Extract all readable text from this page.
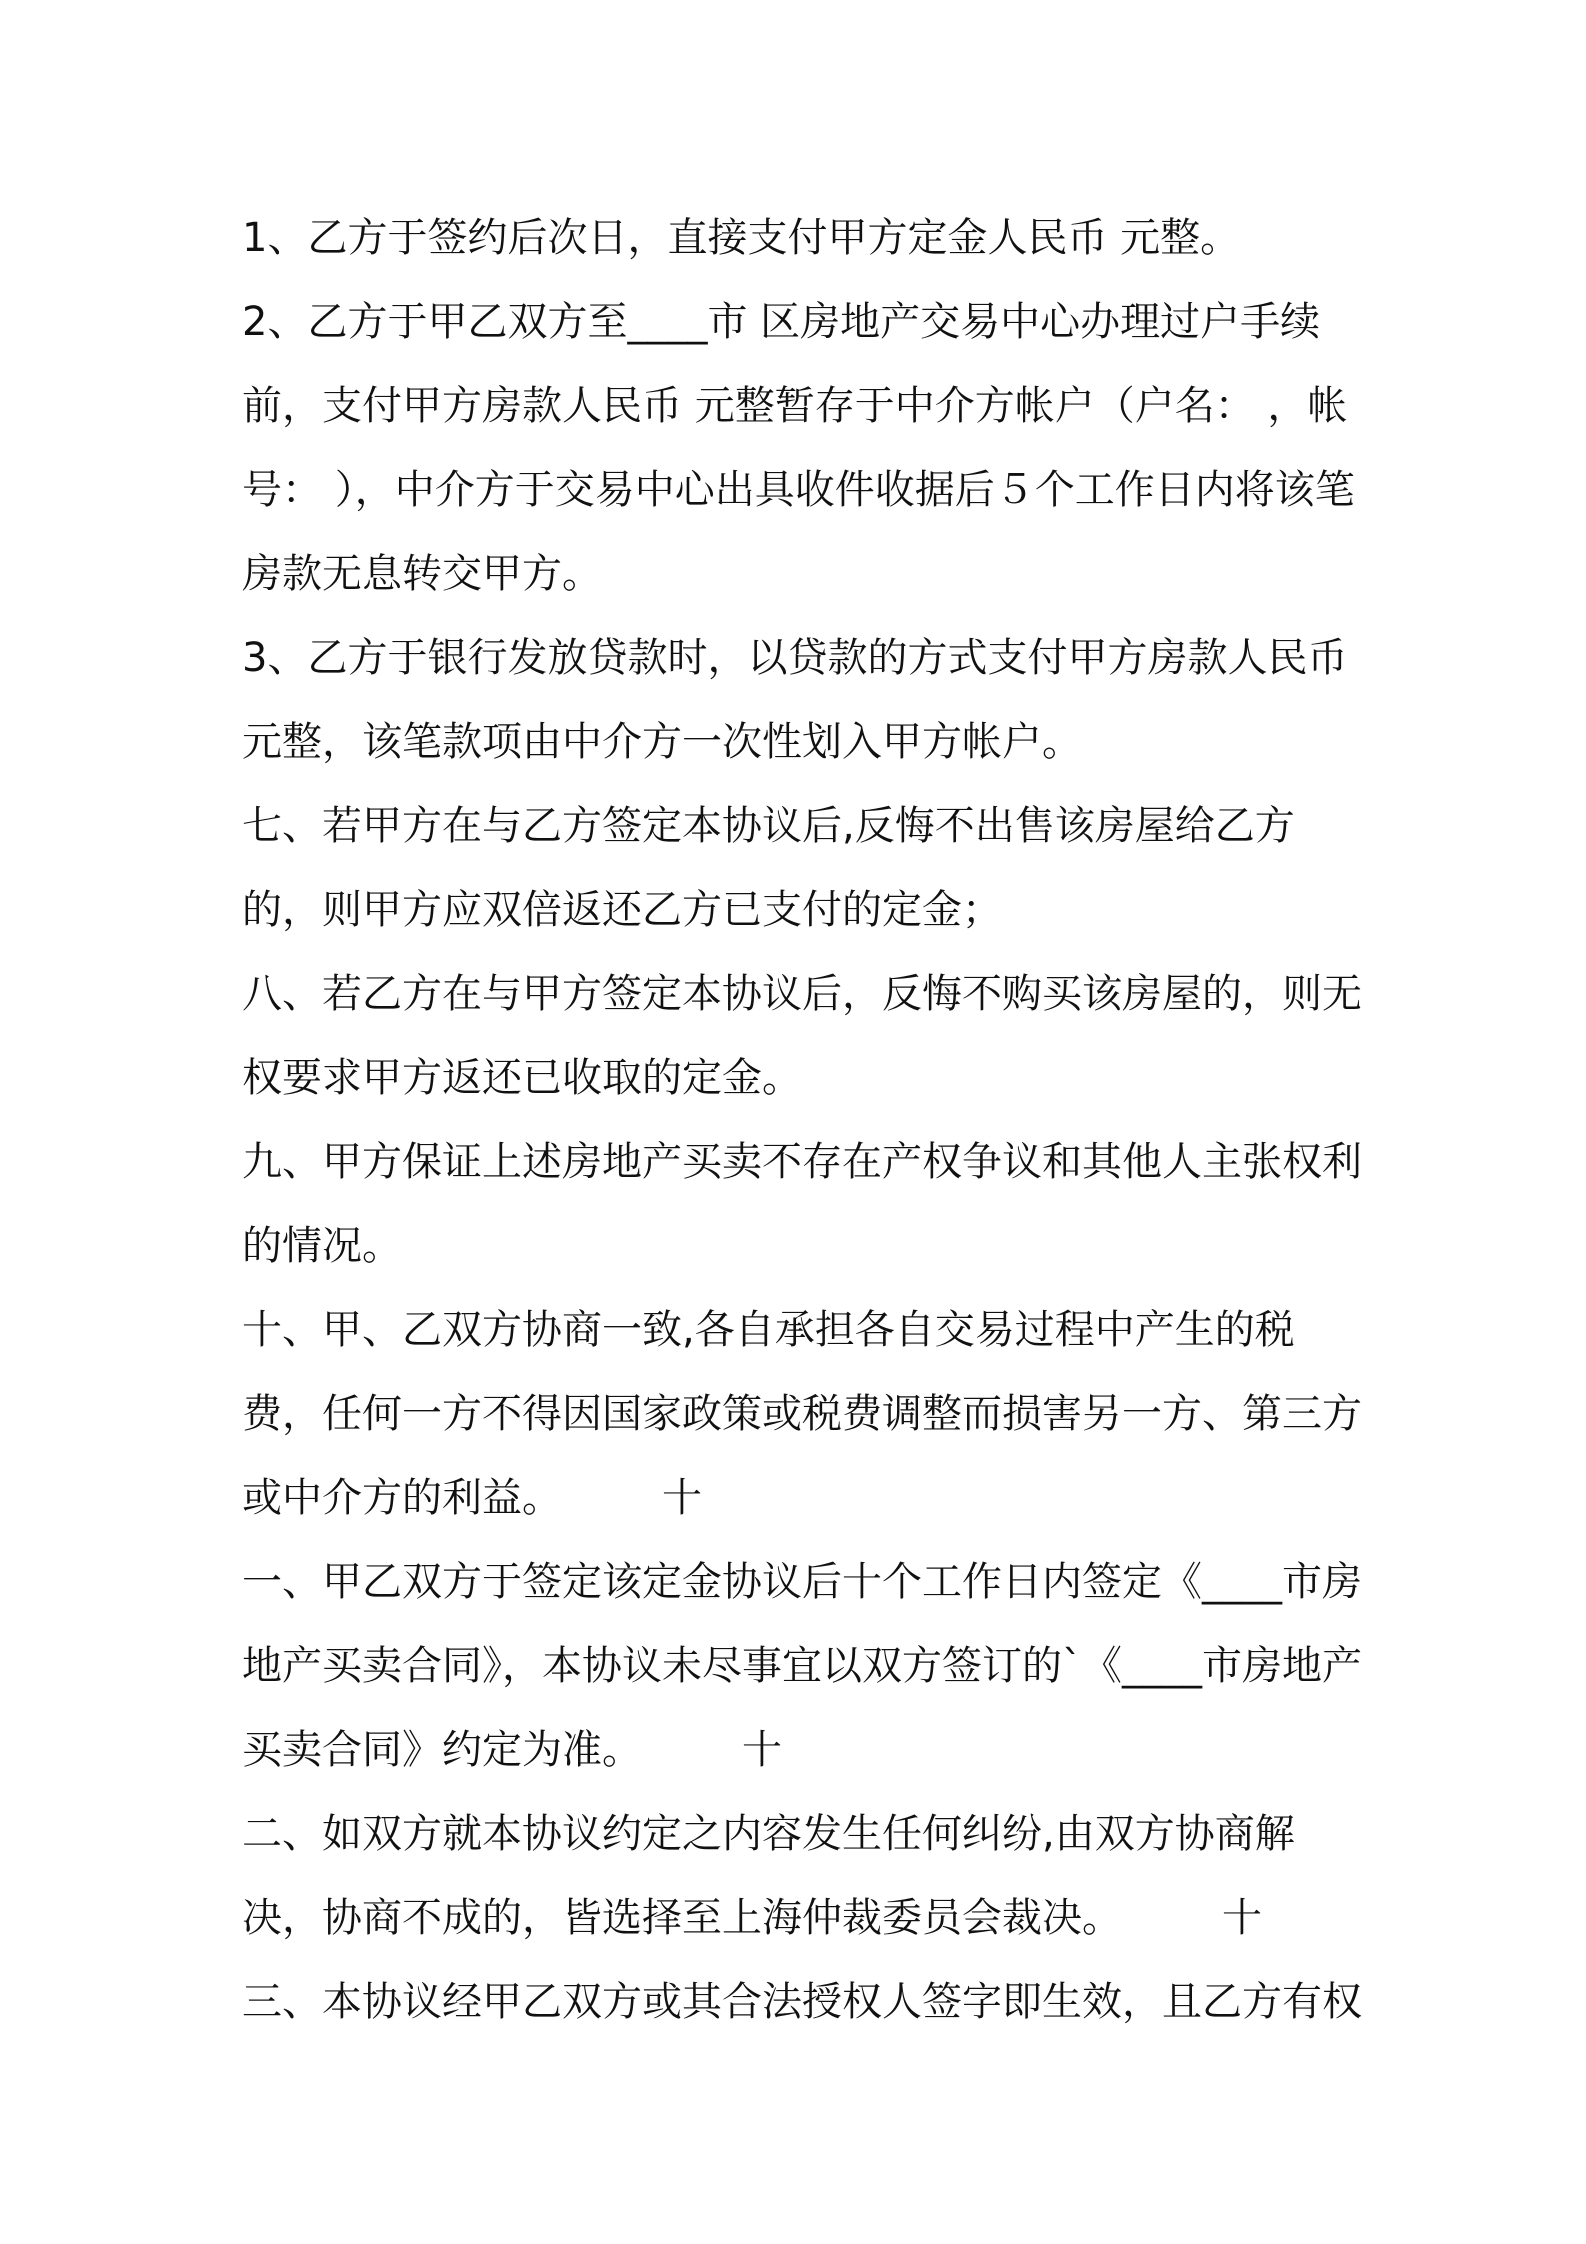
1、乙方于签约后次日，直接支付甲方定金人民币 元整。

2、乙方于甲乙双方至____市 区房地产交易中心办理过户手续前，支付甲方房款人民币 元整暂存于中介方帐户（户名： ，帐号： ），中介方于交易中心出具收件收据后５个工作日内将该笔房款无息转交甲方。

3、乙方于银行发放贷款时，以贷款的方式支付甲方房款人民币 元整，该笔款项由中介方一次性划入甲方帐户。

七、若甲方在与乙方签定本协议后,反悔不出售该房屋给乙方的，则甲方应双倍返还乙方已支付的定金；

八、若乙方在与甲方签定本协议后，反悔不购买该房屋的，则无权要求甲方返还已收取的定金。

九、甲方保证上述房地产买卖不存在产权争议和其他人主张权利的情况。

十、甲、乙双方协商一致,各自承担各自交易过程中产生的税费，任何一方不得因国家政策或税费调整而损害另一方、第三方或中介方的利益。　　　十

一、甲乙双方于签定该定金协议后十个工作日内签定《____市房地产买卖合同》，本协议未尽事宜以双方签订的`《____市房地产买卖合同》约定为准。　　　十

二、如双方就本协议约定之内容发生任何纠纷,由双方协商解决，协商不成的，皆选择至上海仲裁委员会裁决。　　　十

三、本协议经甲乙双方或其合法授权人签字即生效，且乙方有权
